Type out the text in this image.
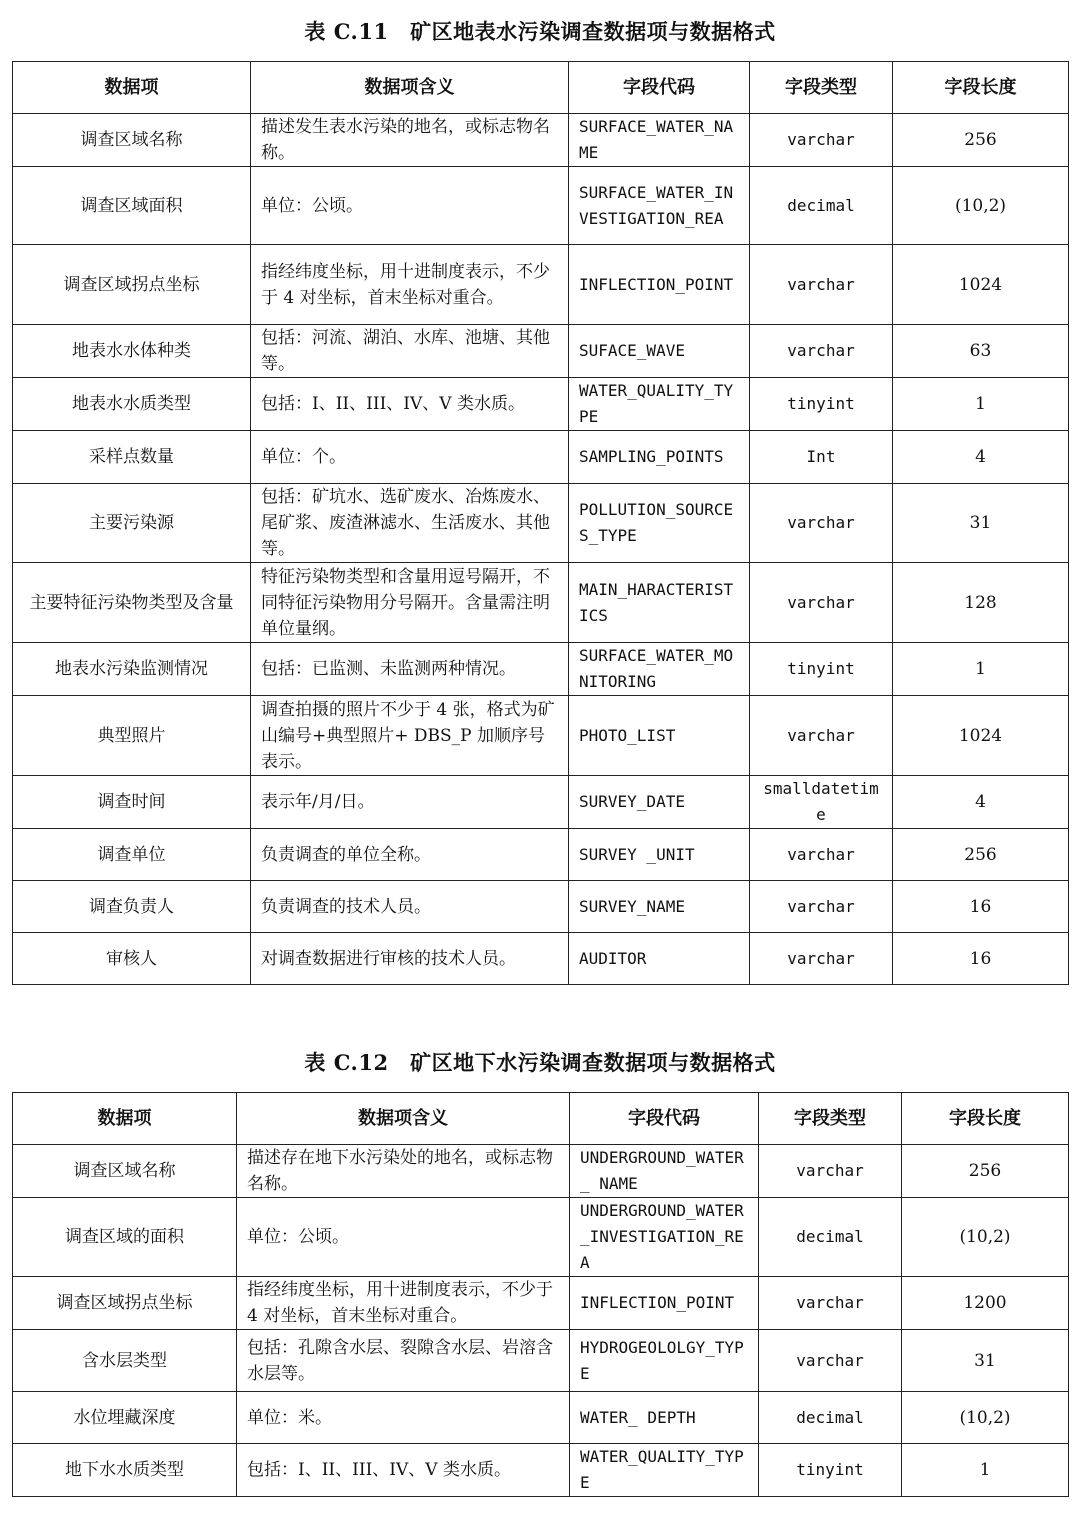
表 C.11　矿区地表水污染调查数据项与数据格式
数据项	数据项含义	字段代码	字段类型	字段长度
调查区域名称	描述发生表水污染的地名，或标志物名称。	SURFACE_WATER_NAME	varchar	256
调查区域面积	单位：公顷。	SURFACE_WATER_INVESTIGATION_REA	decimal	(10,2)
调查区域拐点坐标	指经纬度坐标，用十进制度表示，不少于 4 对坐标，首末坐标对重合。	INFLECTION_POINT	varchar	1024
地表水水体种类	包括：河流、湖泊、水库、池塘、其他等。	SUFACE_WAVE	varchar	63
地表水水质类型	包括：I、II、III、IV、V 类水质。	WATER_QUALITY_TYPE	tinyint	1
采样点数量	单位：个。	SAMPLING_POINTS	Int	4
主要污染源	包括：矿坑水、选矿废水、冶炼废水、尾矿浆、废渣淋滤水、生活废水、其他等。	POLLUTION_SOURCES_TYPE	varchar	31
主要特征污染物类型及含量	特征污染物类型和含量用逗号隔开，不同特征污染物用分号隔开。含量需注明单位量纲。	MAIN_HARACTERISTICS	varchar	128
地表水污染监测情况	包括：已监测、未监测两种情况。	SURFACE_WATER_MONITORING	tinyint	1
典型照片	调查拍摄的照片不少于 4 张，格式为矿山编号+典型照片+ DBS_P 加顺序号表示。	PHOTO_LIST	varchar	1024
调查时间	表示年/月/日。	SURVEY_DATE	smalldatetime	4
调查单位	负责调查的单位全称。	SURVEY _UNIT	varchar	256
调查负责人	负责调查的技术人员。	SURVEY_NAME	varchar	16
审核人	对调查数据进行审核的技术人员。	AUDITOR	varchar	16
表 C.12　矿区地下水污染调查数据项与数据格式
数据项	数据项含义	字段代码	字段类型	字段长度
调查区域名称	描述存在地下水污染处的地名，或标志物名称。	UNDERGROUND_WATER_ NAME	varchar	256
调查区域的面积	单位：公顷。	UNDERGROUND_WATER_INVESTIGATION_REA	decimal	(10,2)
调查区域拐点坐标	指经纬度坐标，用十进制度表示，不少于 4 对坐标，首末坐标对重合。	INFLECTION_POINT	varchar	1200
含水层类型	包括：孔隙含水层、裂隙含水层、岩溶含水层等。	HYDROGEOLOLGY_TYPE	varchar	31
水位埋藏深度	单位：米。	WATER_ DEPTH	decimal	(10,2)
地下水水质类型	包括：I、II、III、IV、V 类水质。	WATER_QUALITY_TYPE	tinyint	1
